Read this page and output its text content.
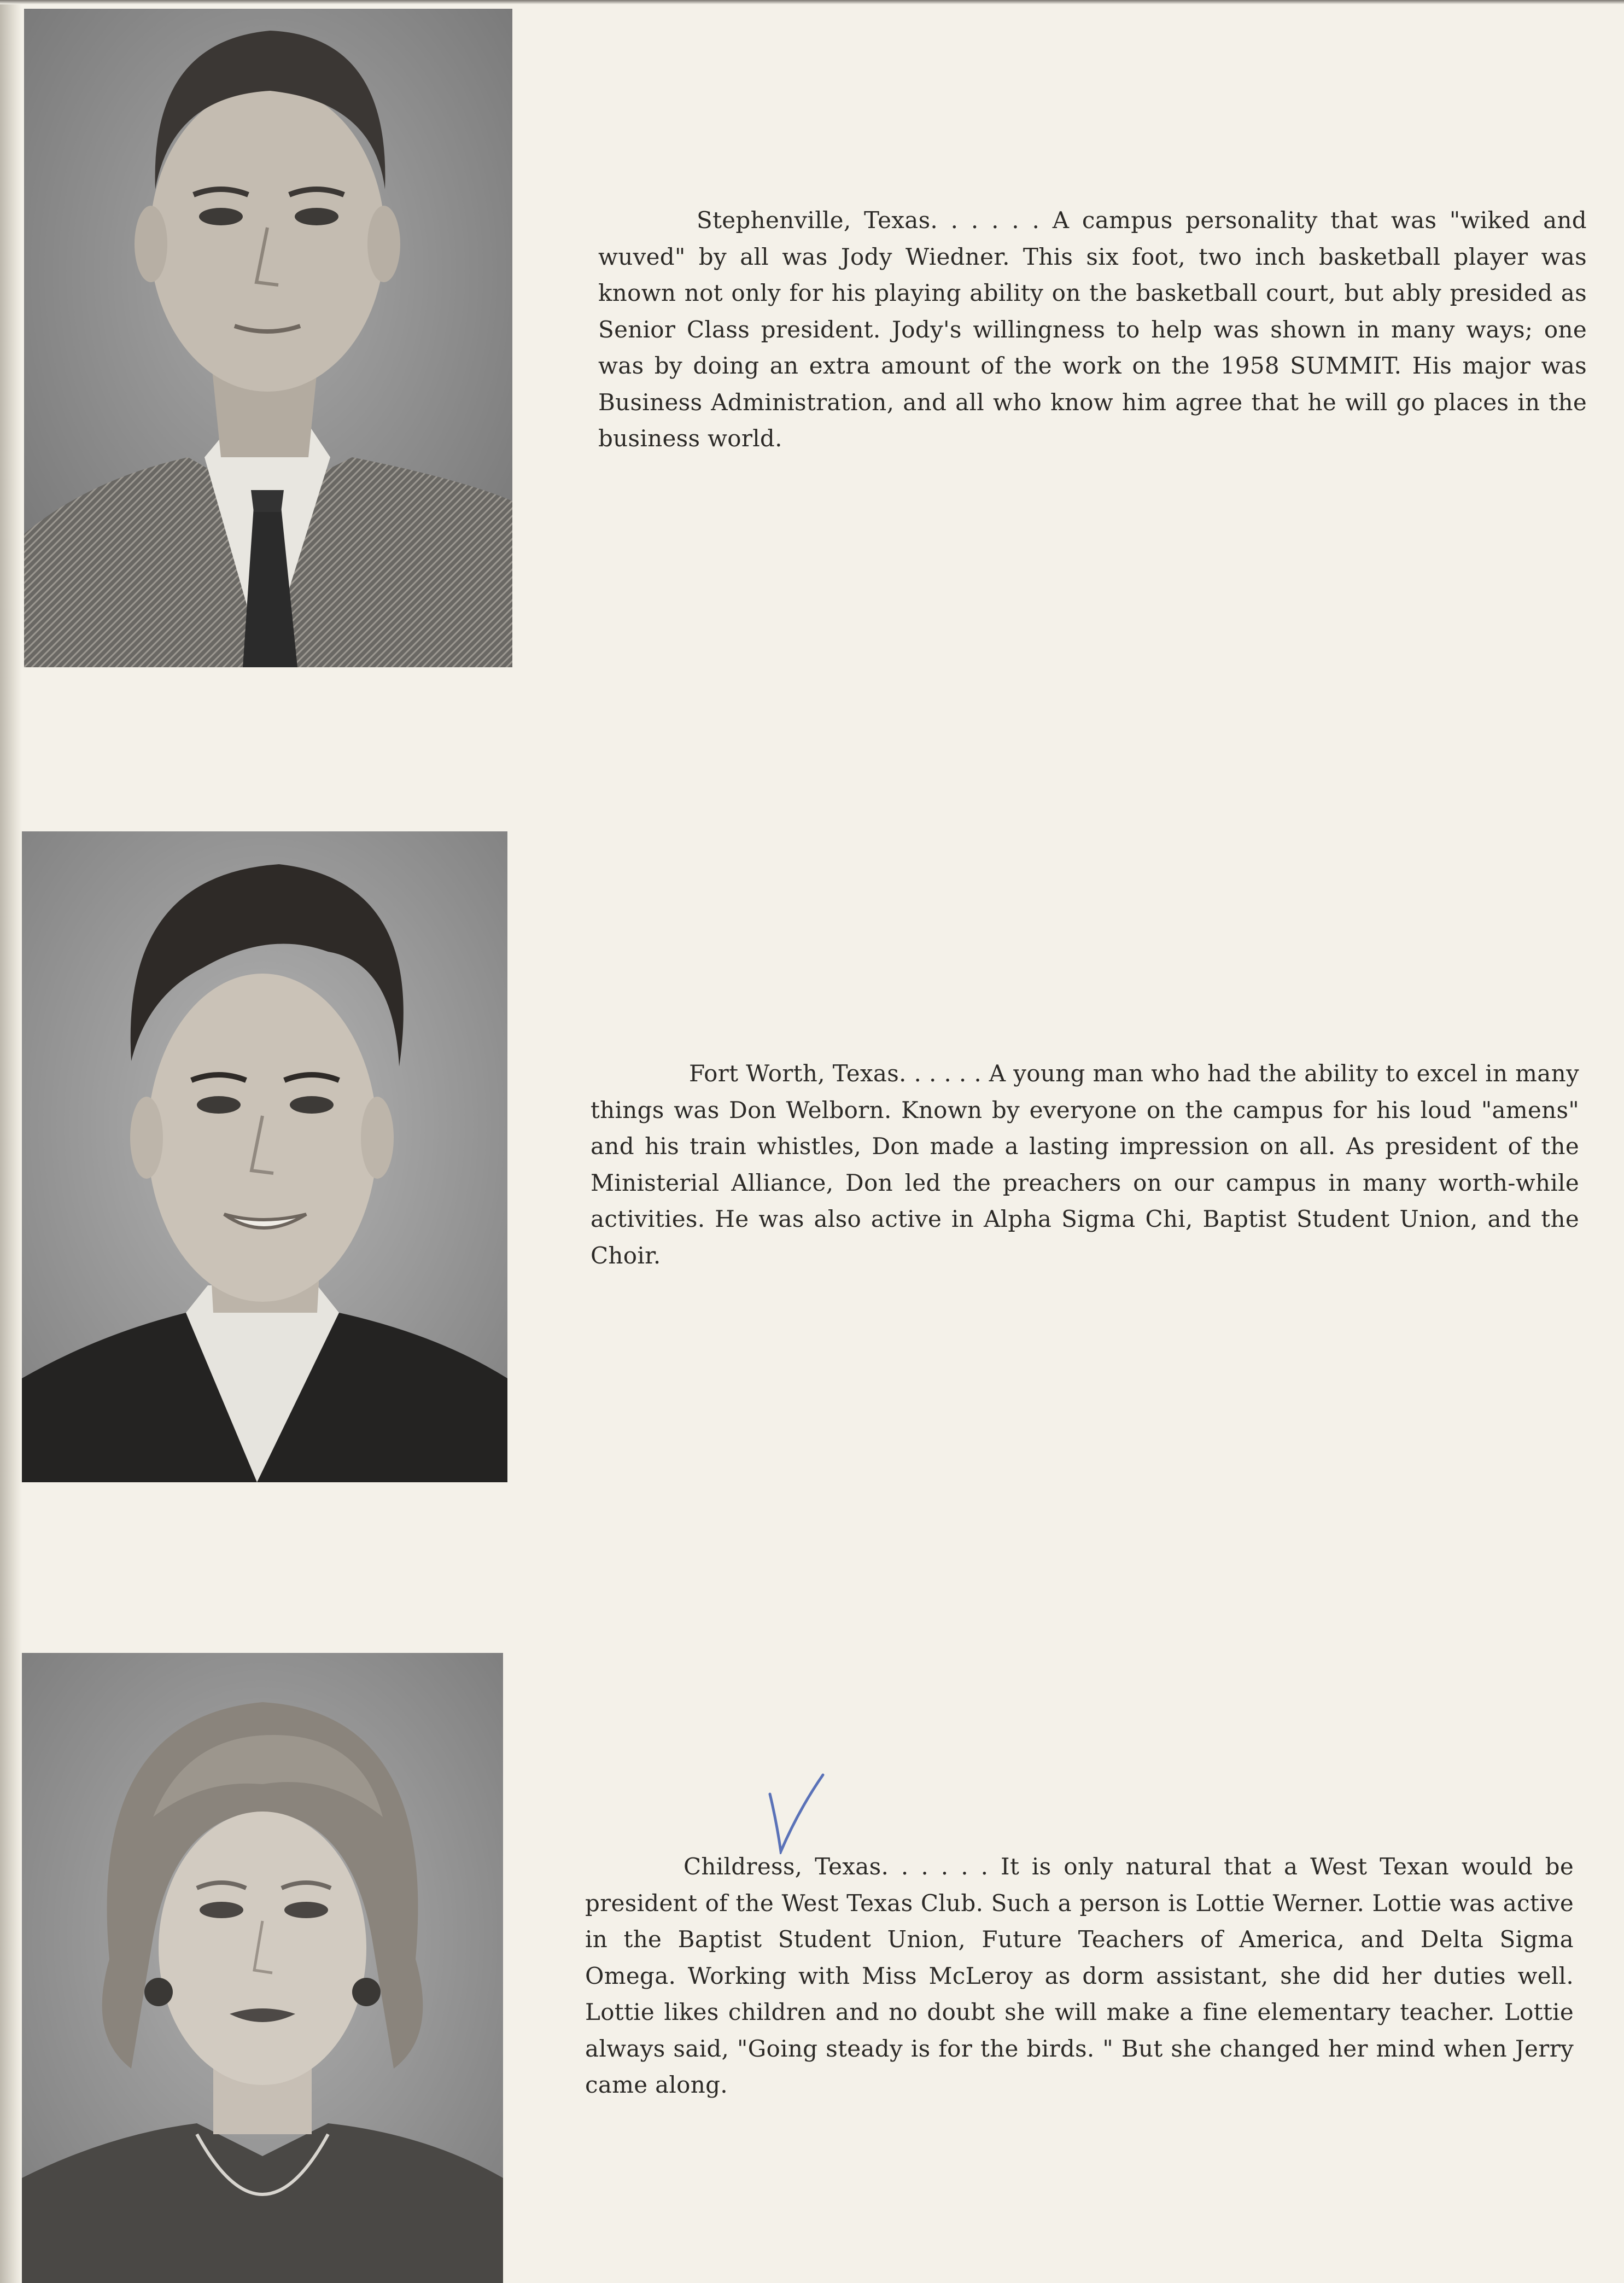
Stephenville, Texas. . . . . . A campus personality that was "wiked and wuved" by all was Jody Wiedner. This six foot, two inch basketball player was known not only for his playing ability on the basketball court, but ably presided as Senior Class president. Jody's willingness to help was shown in many ways; one was by doing an extra amount of the work on the 1958 SUMMIT. His major was Business Administration, and all who know him agree that he will go places in the business world.

Fort Worth, Texas. . . . . . A young man who had the ability to excel in many things was Don Welborn. Known by everyone on the campus for his loud "amens" and his train whistles, Don made a lasting impression on all. As president of the Ministerial Alliance, Don led the preachers on our campus in many worth-while activities. He was also active in Alpha Sigma Chi, Baptist Student Union, and the Choir.

Childress, Texas. . . . . . It is only natural that a West Texan would be president of the West Texas Club. Such a person is Lottie Werner. Lottie was active in the Baptist Student Union, Future Teachers of America, and Delta Sigma Omega. Working with Miss McLeroy as dorm assistant, she did her duties well. Lottie likes children and no doubt she will make a fine elementary teacher. Lottie always said, "Going steady is for the birds. " But she changed her mind when Jerry came along.
